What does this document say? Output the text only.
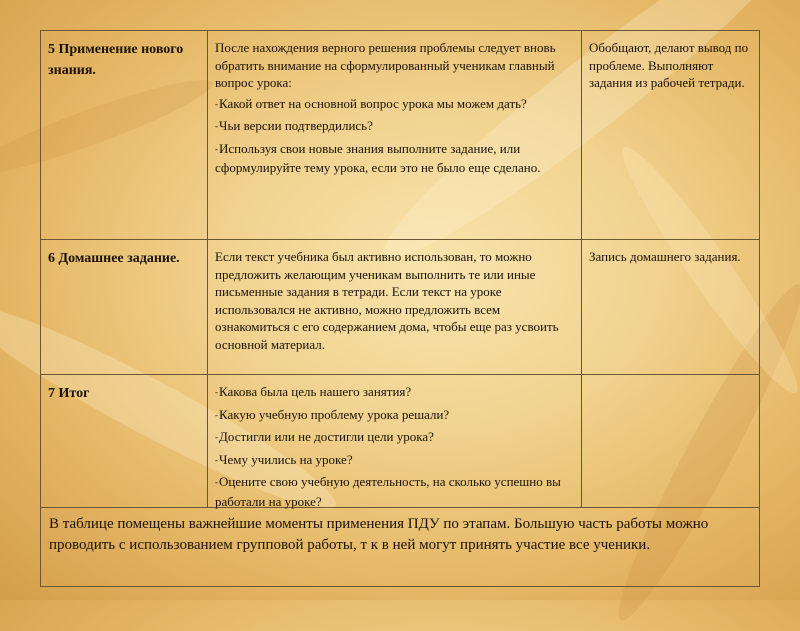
5 Применение нового знания.

После нахождения верного решения проблемы следует вновь обратить внимание на сформулированный ученикам главный вопрос урока:

- Какой ответ на основной вопрос урока мы можем дать?

- Чьи версии подтвердились?

- Используя свои новые знания выполните задание, или сформулируйте тему урока, если это не было еще сделано.

Обобщают, делают вывод по проблеме. Выполняют задания из рабочей тетради.

6 Домашнее задание.	Если текст учебника был активно использован, то можно предложить желающим ученикам выполнить те или иные письменные задания в тетради. Если текст на уроке использовался не активно, можно предложить всем ознакомиться с его содержанием дома, чтобы еще раз усвоить основной материал.

Запись домашнего задания.

7 Итог

-	Какова была цель нашего занятия?

- Какую учебную проблему урока решали?

- Достигли или не достигли цели урока?

- Чему учились на уроке?

- Оцените свою учебную деятельность, на сколько успешно вы работали на уроке?

В таблице помещены важнейшие моменты применения ПДУ по этапам. Большую часть работы можно проводить с использованием групповой работы, т к в ней могут принять участие все ученики.
